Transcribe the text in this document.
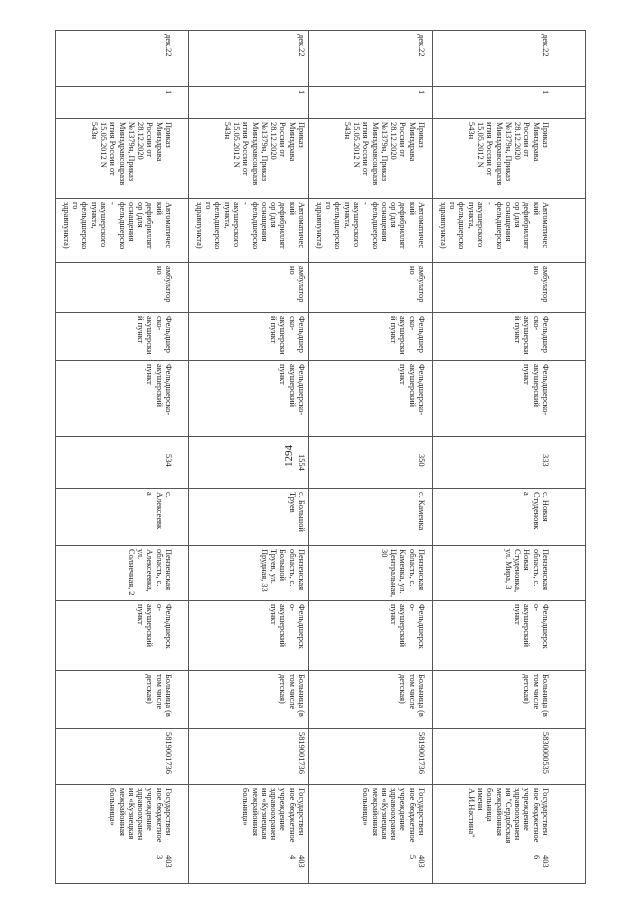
1294
дек.22
1
Приказ
Минздрава
России от
28.12.2020
№1379н, Приказ
Минздравсоцразв
ития России от
15.05.2012 N
543н
Автоматичес
кий
дефибриллят
ор (для
оснащения
фельдшерско
-
акушерского
пункта,
фельдшерско
го
здравпункта)
амбулатор
но
Фельдшер
ско-
акушерски
й пункт
Фельдшерско-
акушерский
пункт
534
с.
Алексеевк
а
Пензенская
область, с.
Алексеевка,
ул.
Солнечная, 2
Фельдшерск
о-
акушерский
пункт
Больница (в
том числе
детская)
5819001736
Государствен
ное бюджетное
учреждение
здравоохранен
ия «Кузнецкая
межрайонная
больница»
403
3
дек.22
1
Приказ
Минздрава
России от
28.12.2020
№1379н, Приказ
Минздравсоцразв
ития России от
15.05.2012 N
543н
Автоматичес
кий
дефибриллят
ор (для
оснащения
фельдшерско
-
акушерского
пункта,
фельдшерско
го
здравпункта)
амбулатор
но
Фельдшер
ско-
акушерски
й пункт
Фельдшерско-
акушерский
пункт
1554
с. Большой
Труев
Пензенская
область, с.
Большой
Труев, ул.
Прудная, 33
Фельдшерск
о-
акушерский
пункт
Больница (в
том числе
детская)
5819001736
Государствен
ное бюджетное
учреждение
здравоохранен
ия «Кузнецкая
межрайонная
больница»
403
4
дек.22
1
Приказ
Минздрава
России от
28.12.2020
№1379н, Приказ
Минздравсоцразв
ития России от
15.05.2012 N
543н
Автоматичес
кий
дефибриллят
ор (для
оснащения
фельдшерско
-
акушерского
пункта,
фельдшерско
го
здравпункта)
амбулатор
но
Фельдшер
ско-
акушерски
й пункт
Фельдшерско-
акушерский
пункт
350
с. Каменка
Пензенская
область, с.
Каменка, ул.
Центральная,
30
Фельдшерск
о-
акушерский
пункт
Больница (в
том числе
детская)
5819001736
Государствен
ное бюджетное
учреждение
здравоохранен
ия «Кузнецкая
межрайонная
больница»
403
5
дек.22
1
Приказ
Минздрава
России от
28.12.2020
№1379н, Приказ
Минздравсоцразв
ития России от
15.05.2012 N
543н
Автоматичес
кий
дефибриллят
ор (для
оснащения
фельдшерско
-
акушерского
пункта,
фельдшерско
го
здравпункта)
амбулатор
но
Фельдшер
ско-
акушерски
й пункт
Фельдшерско-
акушерский
пункт
333
с. Новая
Студеновк
а
Пензенская
область, с.
Новая
Студеновка,
ул. Мира, 3
Фельдшерск
о-
акушерский
пункт
Больница (в
том числе
детская)
5830000535
Государствен
ное бюджетное
учреждение
здравоохранен
ия "Сердобская
межрайонная
больница
имени
А.И.Настина"
403
6
